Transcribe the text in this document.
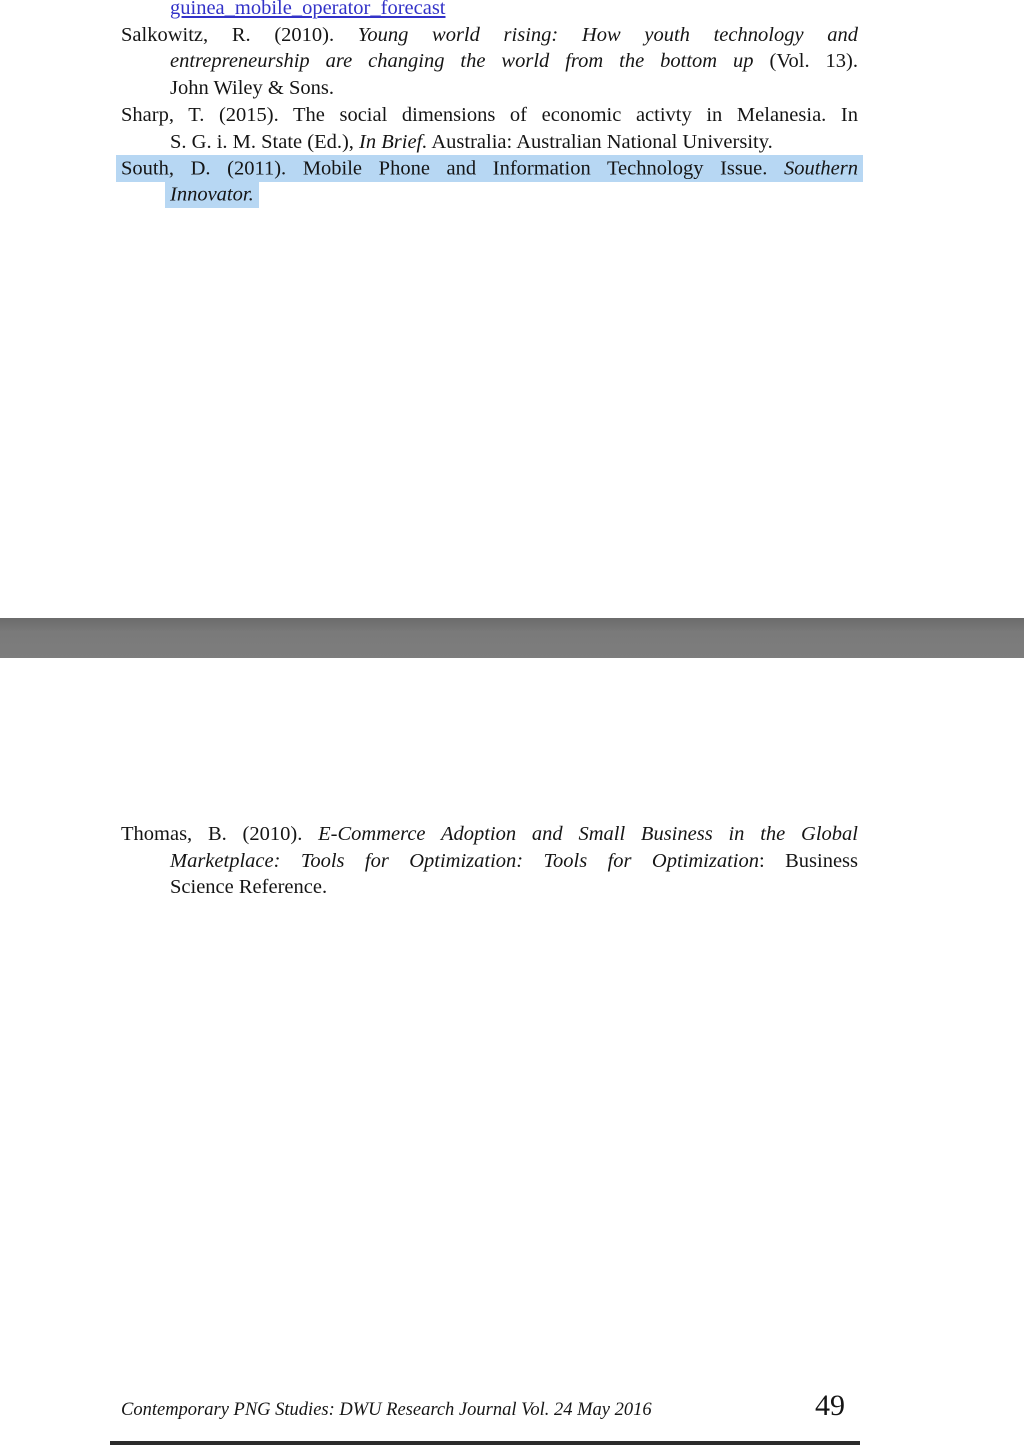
guinea_mobile_operator_forecast
Salkowitz, R. (2010). Young world rising: How youth technology and
entrepreneurship are changing the world from the bottom up (Vol. 13).
John Wiley & Sons.
Sharp, T. (2015). The social dimensions of economic activty in Melanesia. In
S. G. i. M. State (Ed.), In Brief. Australia: Australian National University.
South, D. (2011). Mobile Phone and Information Technology Issue. Southern
Innovator.
Contemporary PNG Studies: DWU Research Journal Vol. 24 May 2016	49
Thomas, B. (2010). E-Commerce Adoption and Small Business in the Global
Marketplace: Tools for Optimization: Tools for Optimization: Business
Science Reference.
